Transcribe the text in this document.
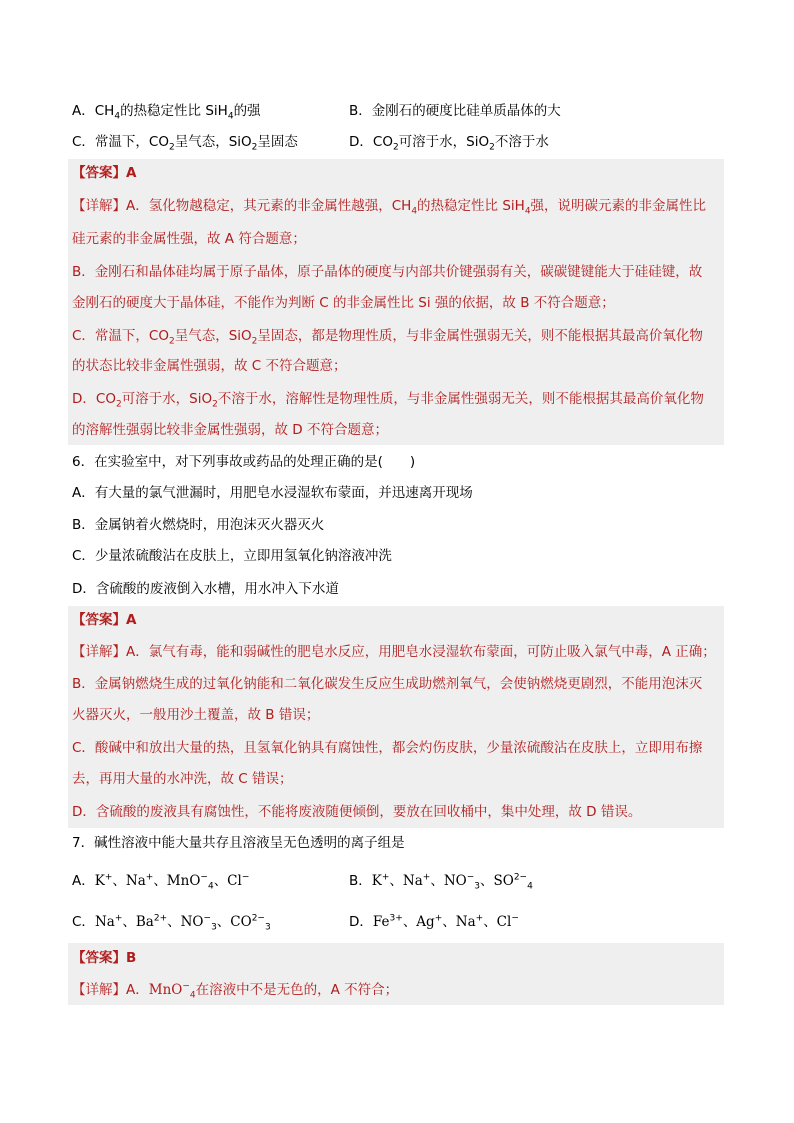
A．$CH_4$的热稳定性比 SiH$_4$的强	B．金刚石的硬度比硅单质晶体的大
C．常温下，$CO_2$呈气态，SiO$_2$呈固态	D．$CO_2$可溶于水，SiO$_2$不溶于水
【答案】A
【详解】A．氢化物越稳定，其元素的非金属性越强，$CH_4$的热稳定性比 SiH$_4$强，说明碳元素的非金属性比
硅元素的非金属性强，故 A 符合题意；
B．金刚石和晶体硅均属于原子晶体，原子晶体的硬度与内部共价键强弱有关，碳碳键键能大于硅硅键，故
金刚石的硬度大于晶体硅，不能作为判断 C 的非金属性比 Si 强的依据，故 B 不符合题意；
C．常温下，$CO_2$呈气态，SiO$_2$呈固态，都是物理性质，与非金属性强弱无关，则不能根据其最高价氧化物
的状态比较非金属性强弱，故 C 不符合题意；
D．$CO_2$可溶于水，SiO$_2$不溶于水，溶解性是物理性质，与非金属性强弱无关，则不能根据其最高价氧化物
的溶解性强弱比较非金属性强弱，故 D 不符合题意；
6．在实验室中，对下列事故或药品的处理正确的是(　　)
A．有大量的氯气泄漏时，用肥皂水浸湿软布蒙面，并迅速离开现场
B．金属钠着火燃烧时，用泡沫灭火器灭火
C．少量浓硫酸沾在皮肤上，立即用氢氧化钠溶液冲洗
D．含硫酸的废液倒入水槽，用水冲入下水道
【答案】A
【详解】A．氯气有毒，能和弱碱性的肥皂水反应，用肥皂水浸湿软布蒙面，可防止吸入氯气中毒，A 正确；
B．金属钠燃烧生成的过氧化钠能和二氧化碳发生反应生成助燃剂氧气，会使钠燃烧更剧烈，不能用泡沫灭
火器灭火，一般用沙土覆盖，故 B 错误；
C．酸碱中和放出大量的热，且氢氧化钠具有腐蚀性，都会灼伤皮肤，少量浓硫酸沾在皮肤上，立即用布擦
去，再用大量的水冲洗，故 C 错误；
D．含硫酸的废液具有腐蚀性，不能将废液随便倾倒，要放在回收桶中，集中处理，故 D 错误。
7．碱性溶液中能大量共存且溶液呈无色透明的离子组是
A．K+、Na+、MnO−$_4$、Cl−	B．K+、Na+、$NO^-_3$、$SO^{2-}_4$
C．Na+、$Ba^{2+}$、$NO^-_3$、$CO^{2-}_3$	D．$Fe^{3+}$、Ag+、Na+、Cl−
【答案】B
【详解】A．MnO−$_4$在溶液中不是无色的，A 不符合；
